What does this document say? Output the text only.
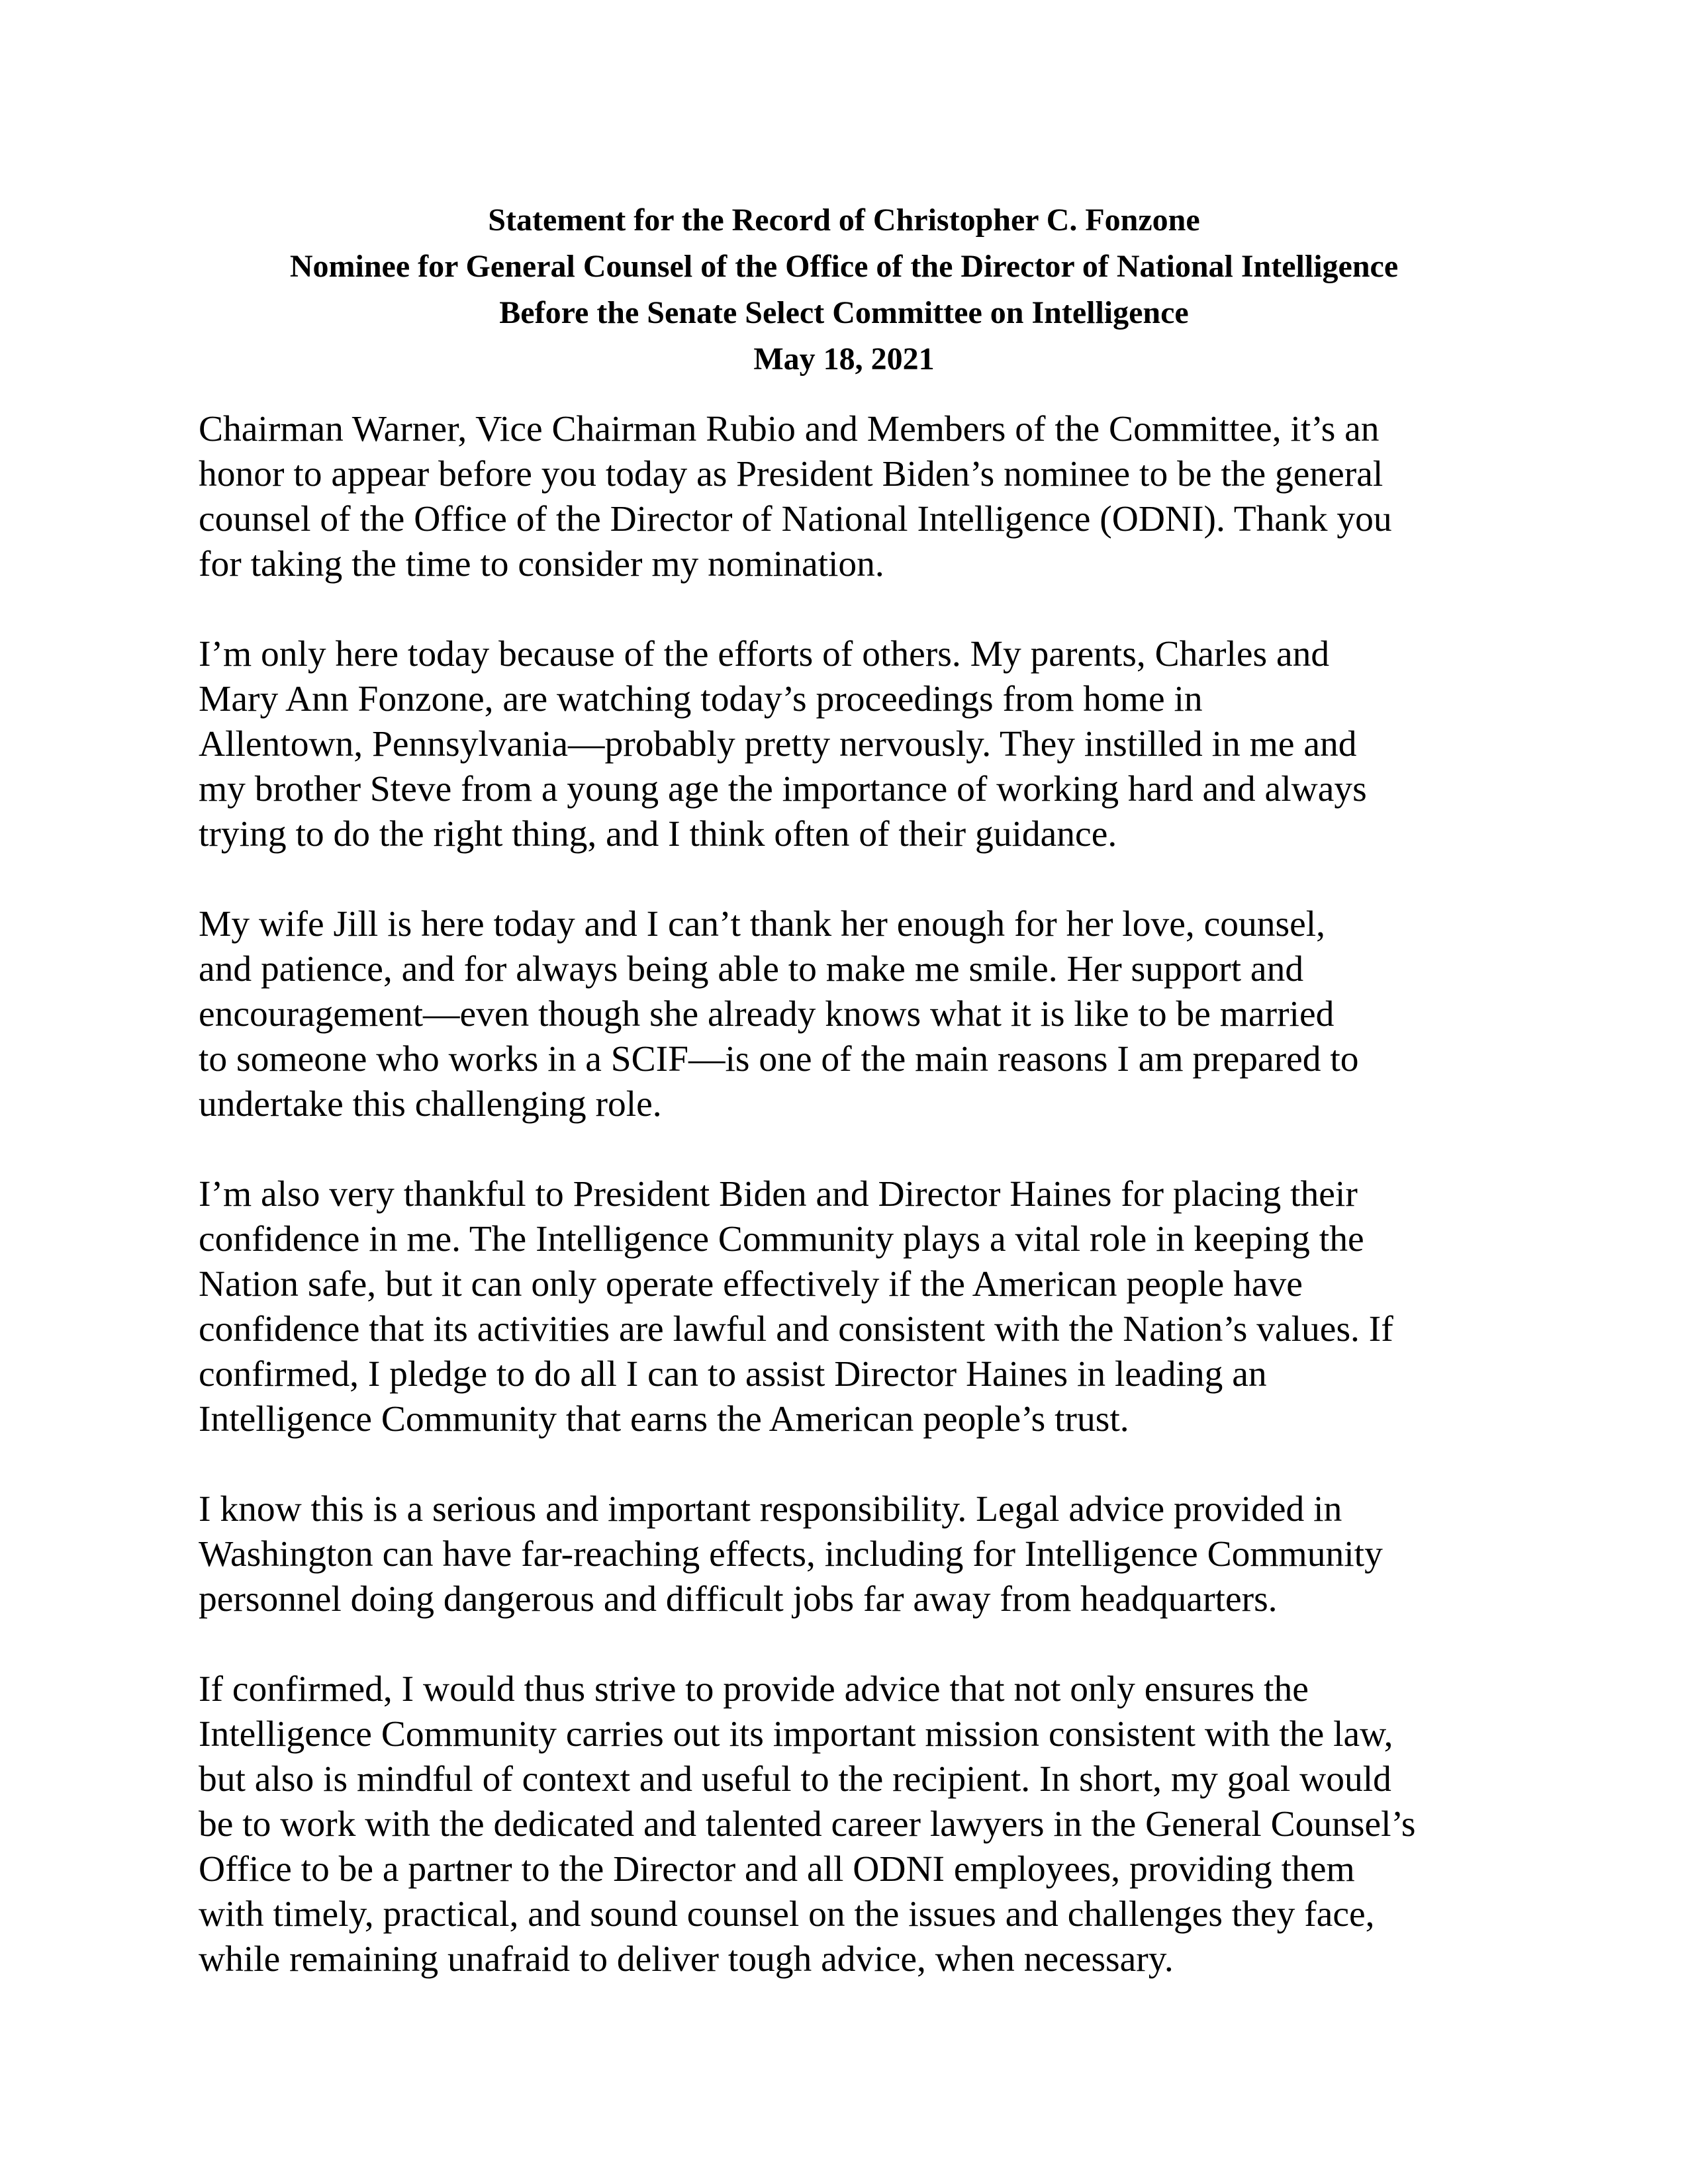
Statement for the Record of Christopher C. Fonzone
Nominee for General Counsel of the Office of the Director of National Intelligence
Before the Senate Select Committee on Intelligence
May 18, 2021

Chairman Warner, Vice Chairman Rubio and Members of the Committee, it’s an
honor to appear before you today as President Biden’s nominee to be the general
counsel of the Office of the Director of National Intelligence (ODNI). Thank you
for taking the time to consider my nomination.

I’m only here today because of the efforts of others. My parents, Charles and
Mary Ann Fonzone, are watching today’s proceedings from home in
Allentown, Pennsylvania—probably pretty nervously. They instilled in me and
my brother Steve from a young age the importance of working hard and always
trying to do the right thing, and I think often of their guidance.

My wife Jill is here today and I can’t thank her enough for her love, counsel,
and patience, and for always being able to make me smile. Her support and
encouragement—even though she already knows what it is like to be married
to someone who works in a SCIF—is one of the main reasons I am prepared to
undertake this challenging role.

I’m also very thankful to President Biden and Director Haines for placing their
confidence in me. The Intelligence Community plays a vital role in keeping the
Nation safe, but it can only operate effectively if the American people have
confidence that its activities are lawful and consistent with the Nation’s values. If
confirmed, I pledge to do all I can to assist Director Haines in leading an
Intelligence Community that earns the American people’s trust.

I know this is a serious and important responsibility. Legal advice provided in
Washington can have far-reaching effects, including for Intelligence Community
personnel doing dangerous and difficult jobs far away from headquarters.

If confirmed, I would thus strive to provide advice that not only ensures the
Intelligence Community carries out its important mission consistent with the law,
but also is mindful of context and useful to the recipient. In short, my goal would
be to work with the dedicated and talented career lawyers in the General Counsel’s
Office to be a partner to the Director and all ODNI employees, providing them
with timely, practical, and sound counsel on the issues and challenges they face,
while remaining unafraid to deliver tough advice, when necessary.
